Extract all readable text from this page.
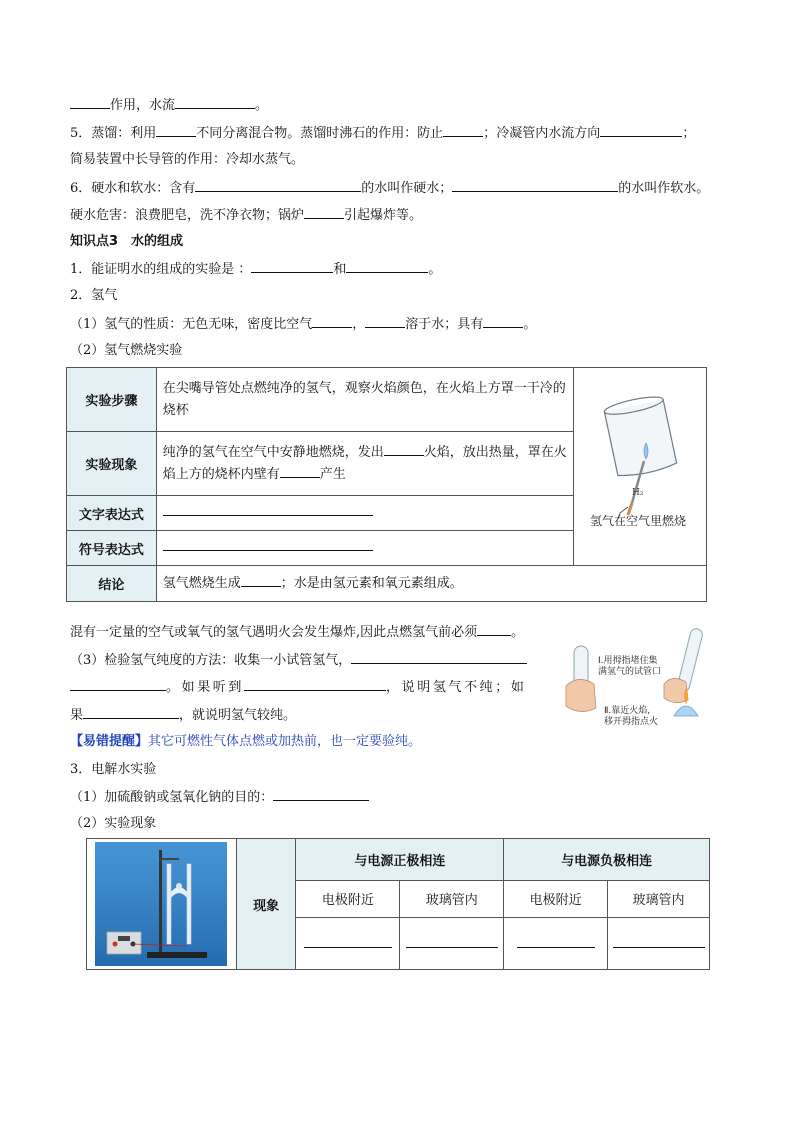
作用，水流	。
5．蒸馏：利用	不同分离混合物。蒸馏时沸石的作用：防止	；冷凝管内水流方向	；
简易装置中长导管的作用：冷却水蒸气。
6．硬水和软水：含有	的水叫作硬水；	的水叫作软水。
硬水危害：浪费肥皂，洗不净衣物；锅炉	引起爆炸等。
知识点3　水的组成
1．能证明水的组成的实验是 ：	和	。
2．氢气
（1）氢气的性质：无色无味，密度比空气	，	溶于水；具有	。
（2）氢气燃烧实验
实验步骤	在尖嘴导管处点燃纯净的氢气，观察火焰颜色，在火焰上方罩一干冷的烧杯	

实验现象	纯净的氢气在空气中安静地燃烧，发出 火焰，放出热量，罩在火焰上方的烧杯内壁有 产生	
文字表达式		
符号表达式		
结论	氢气燃烧生成 ；水是由氢元素和氧元素组成。	
H₂
氢气在空气里燃烧
混有一定量的空气或氧气的氢气遇明火会发生爆炸,因此点燃氢气前必须	。
（3）检验氢气纯度的方法：收集一小试管氢气，
。如果听到	，说明氢气不纯；如
果	，就说明氢气较纯。
Ⅰ.用拇指堵住集
满氢气的试管口
Ⅱ.靠近火焰,
移开拇指点火
【易错提醒】其它可燃性气体点燃或加热前，也一定要验纯。
3．电解水实验
（1）加硫酸钠或氢氧化钠的目的：
（2）实验现象
	现象	与电源正极相连		与电源负极相连	
		电极附近	玻璃管内	电极附近	玻璃管内
